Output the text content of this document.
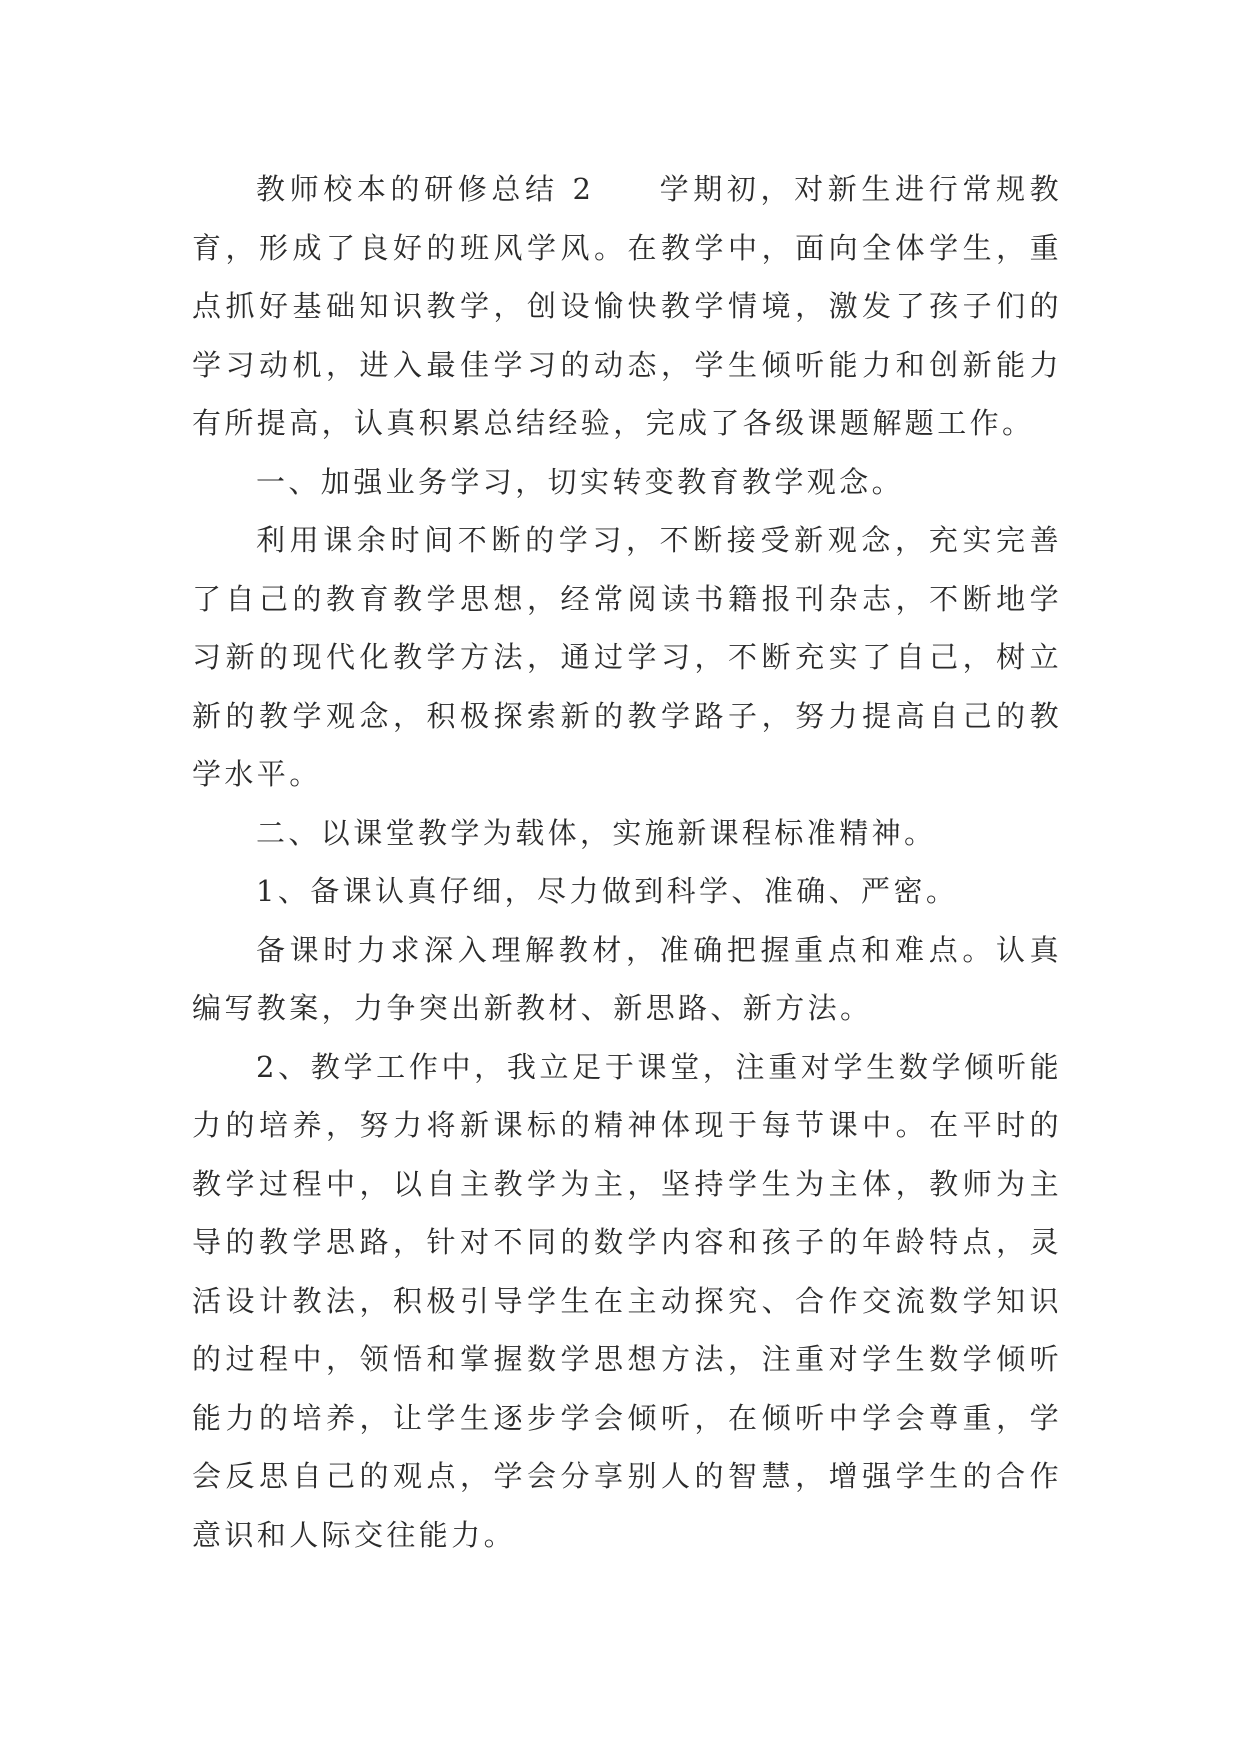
教师校本的研修总结 2 学期初，对新生进行常规教育，形成了良好的班风学风。在教学中，面向全体学生，重点抓好基础知识教学，创设愉快教学情境，激发了孩子们的学习动机，进入最佳学习的动态，学生倾听能力和创新能力有所提高，认真积累总结经验，完成了各级课题解题工作。

一、加强业务学习，切实转变教育教学观念。

利用课余时间不断的学习，不断接受新观念，充实完善了自己的教育教学思想，经常阅读书籍报刊杂志，不断地学习新的现代化教学方法，通过学习，不断充实了自己，树立新的教学观念，积极探索新的教学路子，努力提高自己的教学水平。

二、以课堂教学为载体，实施新课程标准精神。

1、备课认真仔细，尽力做到科学、准确、严密。

备课时力求深入理解教材，准确把握重点和难点。认真编写教案，力争突出新教材、新思路、新方法。

2、教学工作中，我立足于课堂，注重对学生数学倾听能力的培养，努力将新课标的精神体现于每节课中。在平时的教学过程中，以自主教学为主，坚持学生为主体，教师为主导的教学思路，针对不同的数学内容和孩子的年龄特点，灵活设计教法，积极引导学生在主动探究、合作交流数学知识的过程中，领悟和掌握数学思想方法，注重对学生数学倾听能力的培养，让学生逐步学会倾听，在倾听中学会尊重，学会反思自己的观点，学会分享别人的智慧，增强学生的合作意识和人际交往能力。
